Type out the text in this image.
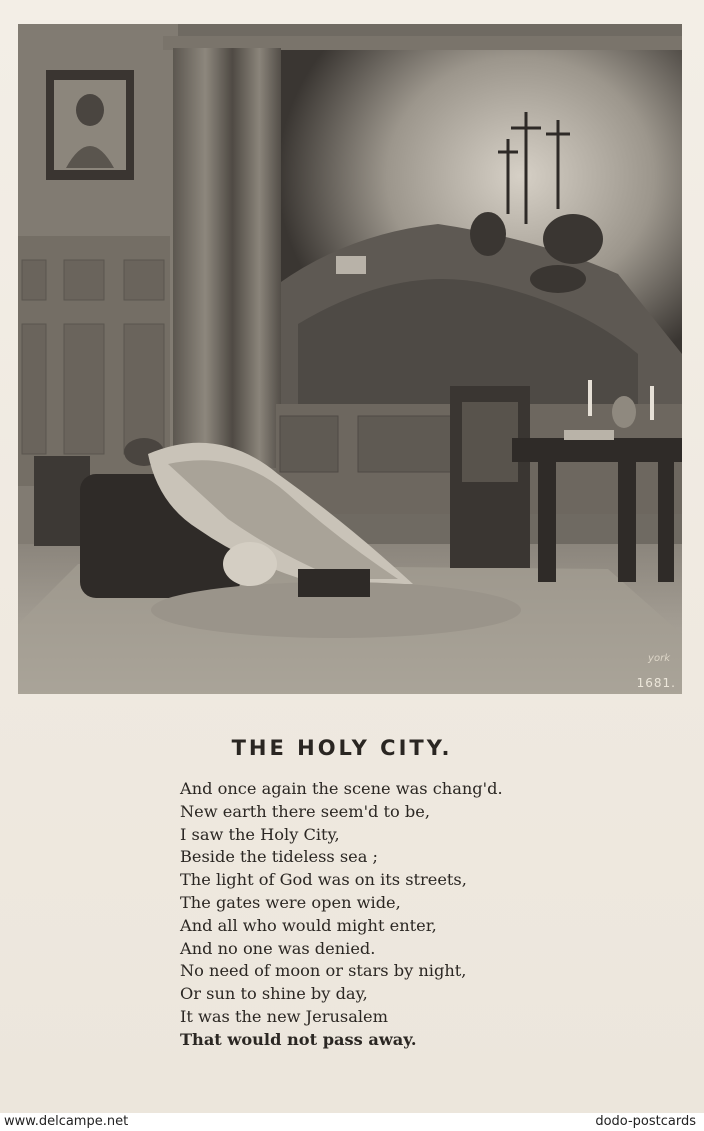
york
1681.
THE HOLY CITY.
And once again the scene was chang'd.
New earth there seem'd to be,
I saw the Holy City,
Beside the tideless sea ;
The light of God was on its streets,
The gates were open wide,
And all who would might enter,
And no one was denied.
No need of moon or stars by night,
Or sun to shine by day,
It was the new Jerusalem
That would not pass away.
www.delcampe.net	dodo-postcards
